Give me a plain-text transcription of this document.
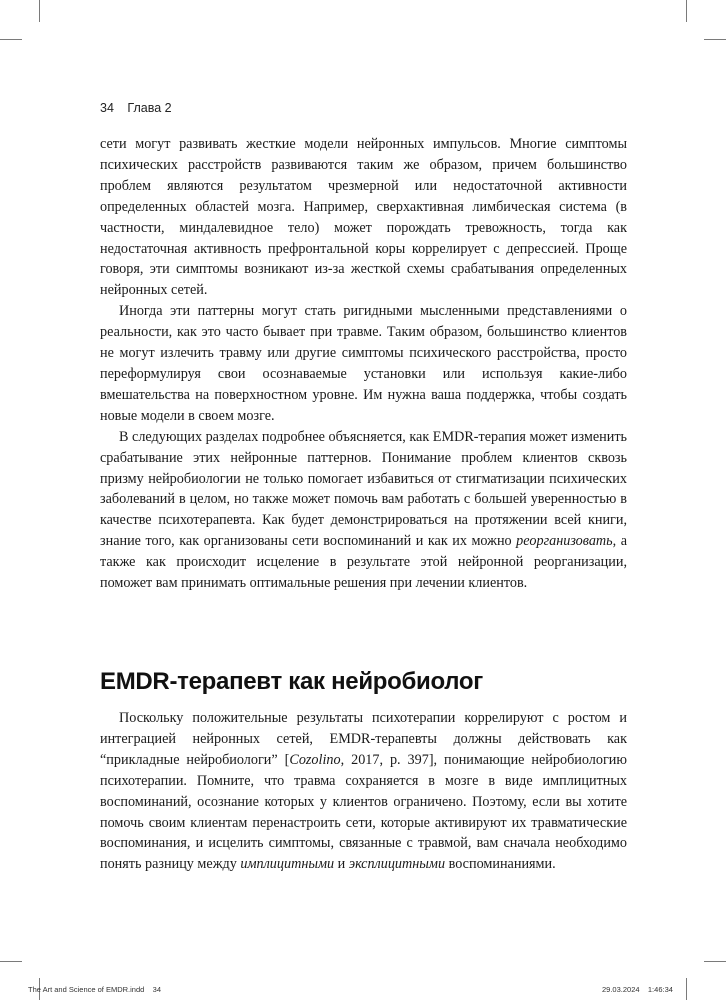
34 Глава 2

сети могут развивать жесткие модели нейронных импульсов. Многие симптомы психических расстройств развиваются таким же образом, причем большинство проблем являются результатом чрезмерной или недостаточной активности определенных областей мозга. Например, сверхактивная лимбическая система (в частности, миндалевидное тело) может порождать тревожность, тогда как недостаточная активность префронтальной коры коррелирует с депрессией. Проще говоря, эти симптомы возникают из-за жесткой схемы срабатывания определенных нейронных сетей.

Иногда эти паттерны могут стать ригидными мысленными представлениями о реальности, как это часто бывает при травме. Таким образом, большинство клиентов не могут излечить травму или другие симптомы психического расстройства, просто переформулируя свои осознаваемые установки или используя какие-либо вмешательства на поверхностном уровне. Им нужна ваша поддержка, чтобы создать новые модели в своем мозге.

В следующих разделах подробнее объясняется, как EMDR-терапия может изменить срабатывание этих нейронные паттернов. Понимание проблем клиентов сквозь призму нейробиологии не только помогает избавиться от стигматизации психических заболеваний в целом, но также может помочь вам работать с большей уверенностью в качестве психотерапевта. Как будет демонстрироваться на протяжении всей книги, знание того, как организованы сети воспоминаний и как их можно реорганизовать, а также как происходит исцеление в результате этой нейронной реорганизации, поможет вам принимать оптимальные решения при лечении клиентов.

EMDR-терапевт как нейробиолог

Поскольку положительные результаты психотерапии коррелируют с ростом и интеграцией нейронных сетей, EMDR-терапевты должны действовать как “прикладные нейробиологи” [Cozolino, 2017, p. 397], понимающие нейробиологию психотерапии. Помните, что травма сохраняется в мозге в виде имплицитных воспоминаний, осознание которых у клиентов ограничено. Поэтому, если вы хотите помочь своим клиентам перенастроить сети, которые активируют их травматические воспоминания, и исцелить симптомы, связанные с травмой, вам сначала необходимо понять разницу между имплицитными и эксплицитными воспоминаниями.

The Art and Science of EMDR.indd 34	29.03.2024 1:46:34
